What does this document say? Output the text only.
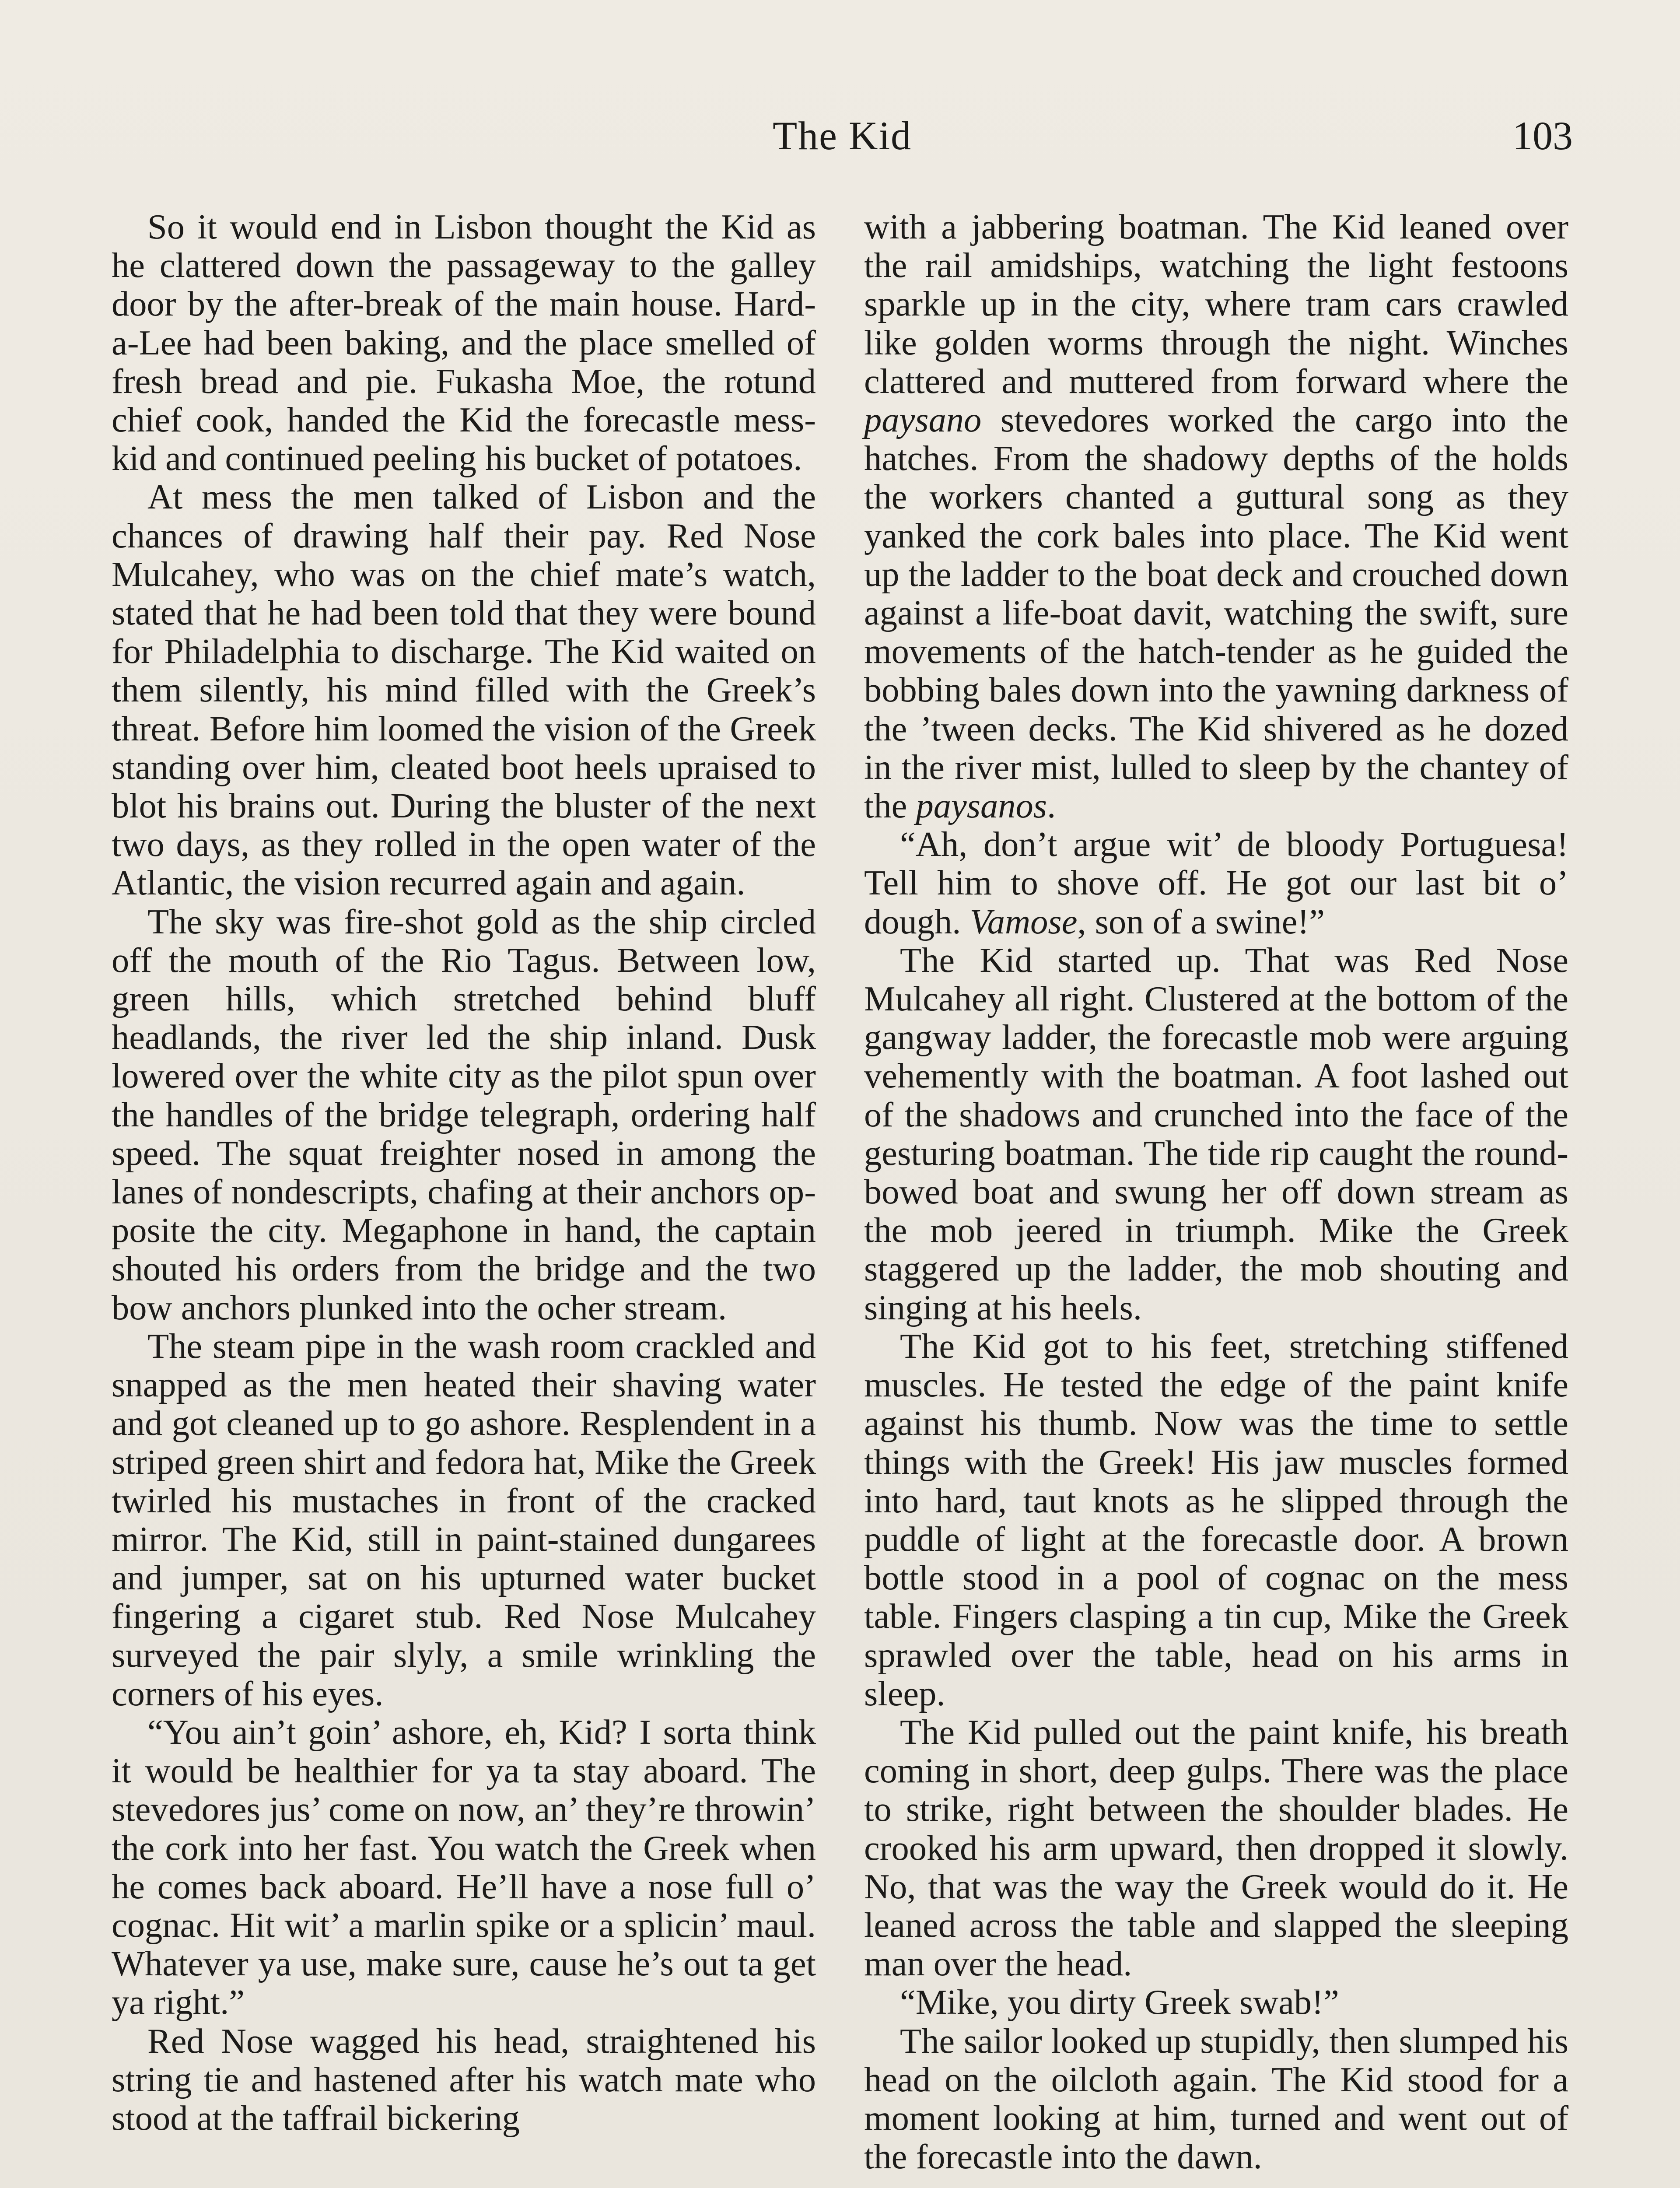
The Kid	103

So it would end in Lisbon thought the Kid as he clattered down the passageway to the galley door by the after-break of the main house. Hard-a-Lee had been baking, and the place smelled of fresh bread and pie. Fukasha Moe, the rotund chief cook, handed the Kid the forecastle mess-kid and continued peeling his bucket of potatoes.

At mess the men talked of Lisbon and the chances of drawing half their pay. Red Nose Mulcahey, who was on the chief mate’s watch, stated that he had been told that they were bound for Philadelphia to discharge. The Kid waited on them silently, his mind filled with the Greek’s threat. Before him loomed the vision of the Greek standing over him, cleated boot heels upraised to blot his brains out. During the bluster of the next two days, as they rolled in the open water of the Atlantic, the vision recurred again and again.

The sky was fire-shot gold as the ship circled off the mouth of the Rio Tagus. Between low, green hills, which stretched behind bluff headlands, the river led the ship inland. Dusk lowered over the white city as the pilot spun over the handles of the bridge telegraph, ordering half speed. The squat freighter nosed in among the lanes of nondescripts, chafing at their anchors opposite the city. Megaphone in hand, the captain shouted his orders from the bridge and the two bow anchors plunked into the ocher stream.

The steam pipe in the wash room crackled and snapped as the men heated their shaving water and got cleaned up to go ashore. Resplendent in a striped green shirt and fedora hat, Mike the Greek twirled his mustaches in front of the cracked mirror. The Kid, still in paint-stained dungarees and jumper, sat on his upturned water bucket fingering a cigaret stub. Red Nose Mulcahey surveyed the pair slyly, a smile wrinkling the corners of his eyes.

“You ain’t goin’ ashore, eh, Kid? I sorta think it would be healthier for ya ta stay aboard. The stevedores jus’ come on now, an’ they’re throwin’ the cork into her fast. You watch the Greek when he comes back aboard. He’ll have a nose full o’ cognac. Hit wit’ a marlin spike or a splicin’ maul. Whatever ya use, make sure, cause he’s out ta get ya right.”

Red Nose wagged his head, straightened his string tie and hastened after his watch mate who stood at the taffrail bickering

with a jabbering boatman. The Kid leaned over the rail amidships, watching the light festoons sparkle up in the city, where tram cars crawled like golden worms through the night. Winches clattered and muttered from forward where the paysano stevedores worked the cargo into the hatches. From the shadowy depths of the holds the workers chanted a guttural song as they yanked the cork bales into place. The Kid went up the ladder to the boat deck and crouched down against a life-boat davit, watching the swift, sure movements of the hatch-tender as he guided the bobbing bales down into the yawning darkness of the ’tween decks. The Kid shivered as he dozed in the river mist, lulled to sleep by the chantey of the paysanos.

“Ah, don’t argue wit’ de bloody Portuguesa! Tell him to shove off. He got our last bit o’ dough. Vamose, son of a swine!”

The Kid started up. That was Red Nose Mulcahey all right. Clustered at the bottom of the gangway ladder, the forecastle mob were arguing vehemently with the boatman. A foot lashed out of the shadows and crunched into the face of the gesturing boatman. The tide rip caught the round-bowed boat and swung her off down stream as the mob jeered in triumph. Mike the Greek staggered up the ladder, the mob shouting and singing at his heels.

The Kid got to his feet, stretching stiffened muscles. He tested the edge of the paint knife against his thumb. Now was the time to settle things with the Greek! His jaw muscles formed into hard, taut knots as he slipped through the puddle of light at the forecastle door. A brown bottle stood in a pool of cognac on the mess table. Fingers clasping a tin cup, Mike the Greek sprawled over the table, head on his arms in sleep.

The Kid pulled out the paint knife, his breath coming in short, deep gulps. There was the place to strike, right between the shoulder blades. He crooked his arm upward, then dropped it slowly. No, that was the way the Greek would do it. He leaned across the table and slapped the sleeping man over the head.

“Mike, you dirty Greek swab!”

The sailor looked up stupidly, then slumped his head on the oilcloth again. The Kid stood for a moment looking at him, turned and went out of the forecastle into the dawn.
